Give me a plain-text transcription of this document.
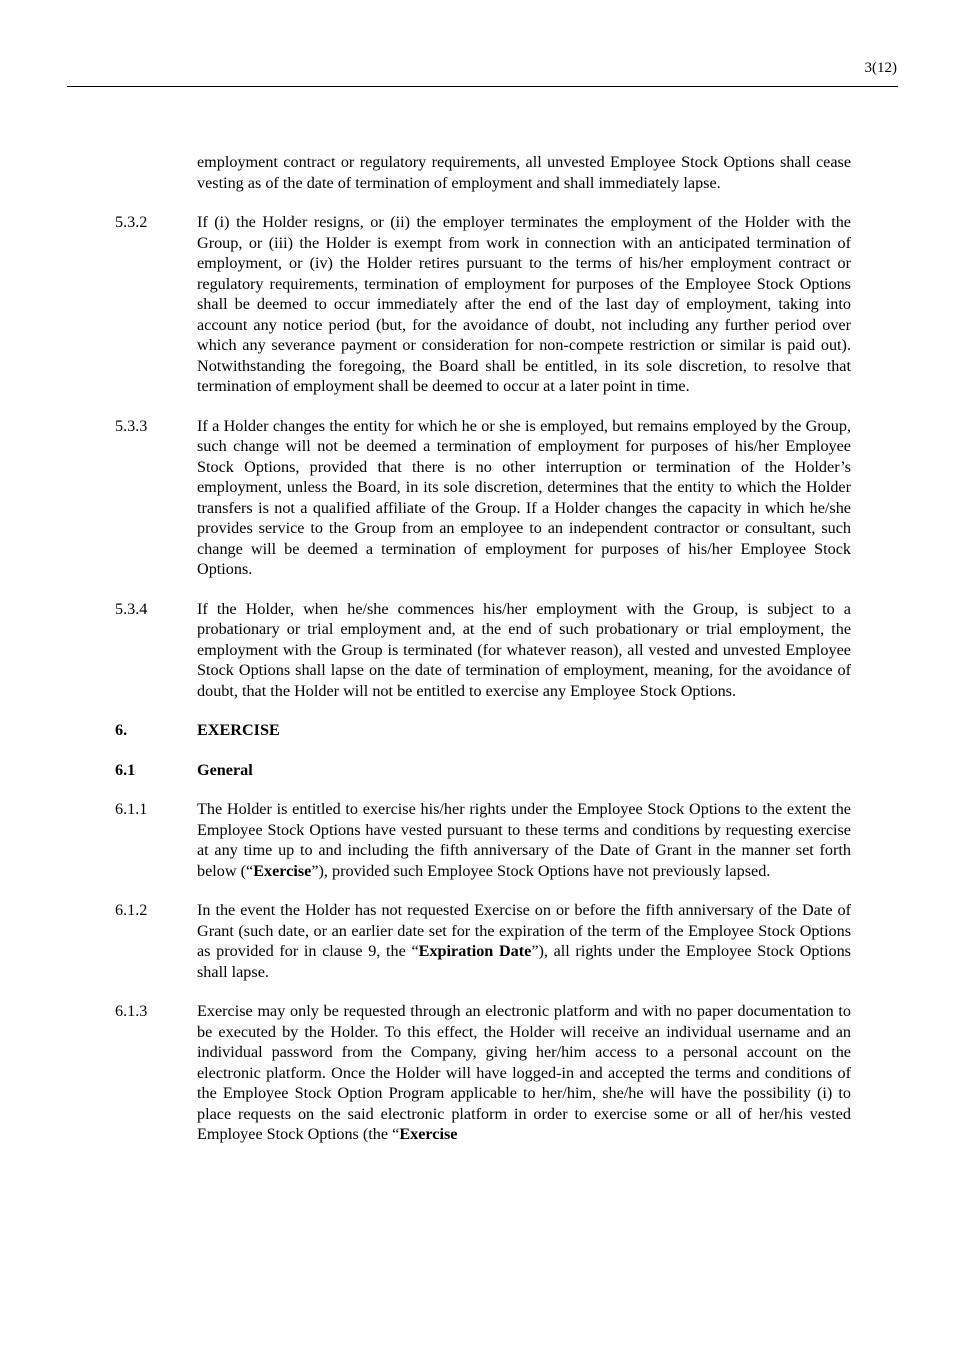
3(12)
employment contract or regulatory requirements, all unvested Employee Stock Options shall cease vesting as of the date of termination of employment and shall immediately lapse.
5.3.2	If (i) the Holder resigns, or (ii) the employer terminates the employment of the Holder with the Group, or (iii) the Holder is exempt from work in connection with an anticipated termination of employment, or (iv) the Holder retires pursuant to the terms of his/her employment contract or regulatory requirements, termination of employment for purposes of the Employee Stock Options shall be deemed to occur immediately after the end of the last day of employment, taking into account any notice period (but, for the avoidance of doubt, not including any further period over which any severance payment or consideration for non-compete restriction or similar is paid out). Notwithstanding the foregoing, the Board shall be entitled, in its sole discretion, to resolve that termination of employment shall be deemed to occur at a later point in time.
5.3.3	If a Holder changes the entity for which he or she is employed, but remains employed by the Group, such change will not be deemed a termination of employment for purposes of his/her Employee Stock Options, provided that there is no other interruption or termination of the Holder’s employment, unless the Board, in its sole discretion, determines that the entity to which the Holder transfers is not a qualified affiliate of the Group. If a Holder changes the capacity in which he/she provides service to the Group from an employee to an independent contractor or consultant, such change will be deemed a termination of employment for purposes of his/her Employee Stock Options.
5.3.4	If the Holder, when he/she commences his/her employment with the Group, is subject to a probationary or trial employment and, at the end of such probationary or trial employment, the employment with the Group is terminated (for whatever reason), all vested and unvested Employee Stock Options shall lapse on the date of termination of employment, meaning, for the avoidance of doubt, that the Holder will not be entitled to exercise any Employee Stock Options.
6.	EXERCISE
6.1	General
6.1.1	The Holder is entitled to exercise his/her rights under the Employee Stock Options to the extent the Employee Stock Options have vested pursuant to these terms and conditions by requesting exercise at any time up to and including the fifth anniversary of the Date of Grant in the manner set forth below (“Exercise”), provided such Employee Stock Options have not previously lapsed.
6.1.2	In the event the Holder has not requested Exercise on or before the fifth anniversary of the Date of Grant (such date, or an earlier date set for the expiration of the term of the Employee Stock Options as provided for in clause 9, the “Expiration Date”), all rights under the Employee Stock Options shall lapse.
6.1.3	Exercise may only be requested through an electronic platform and with no paper documentation to be executed by the Holder. To this effect, the Holder will receive an individual username and an individual password from the Company, giving her/him access to a personal account on the electronic platform. Once the Holder will have logged-in and accepted the terms and conditions of the Employee Stock Option Program applicable to her/him, she/he will have the possibility (i) to place requests on the said electronic platform in order to exercise some or all of her/his vested Employee Stock Options (the “Exercise
